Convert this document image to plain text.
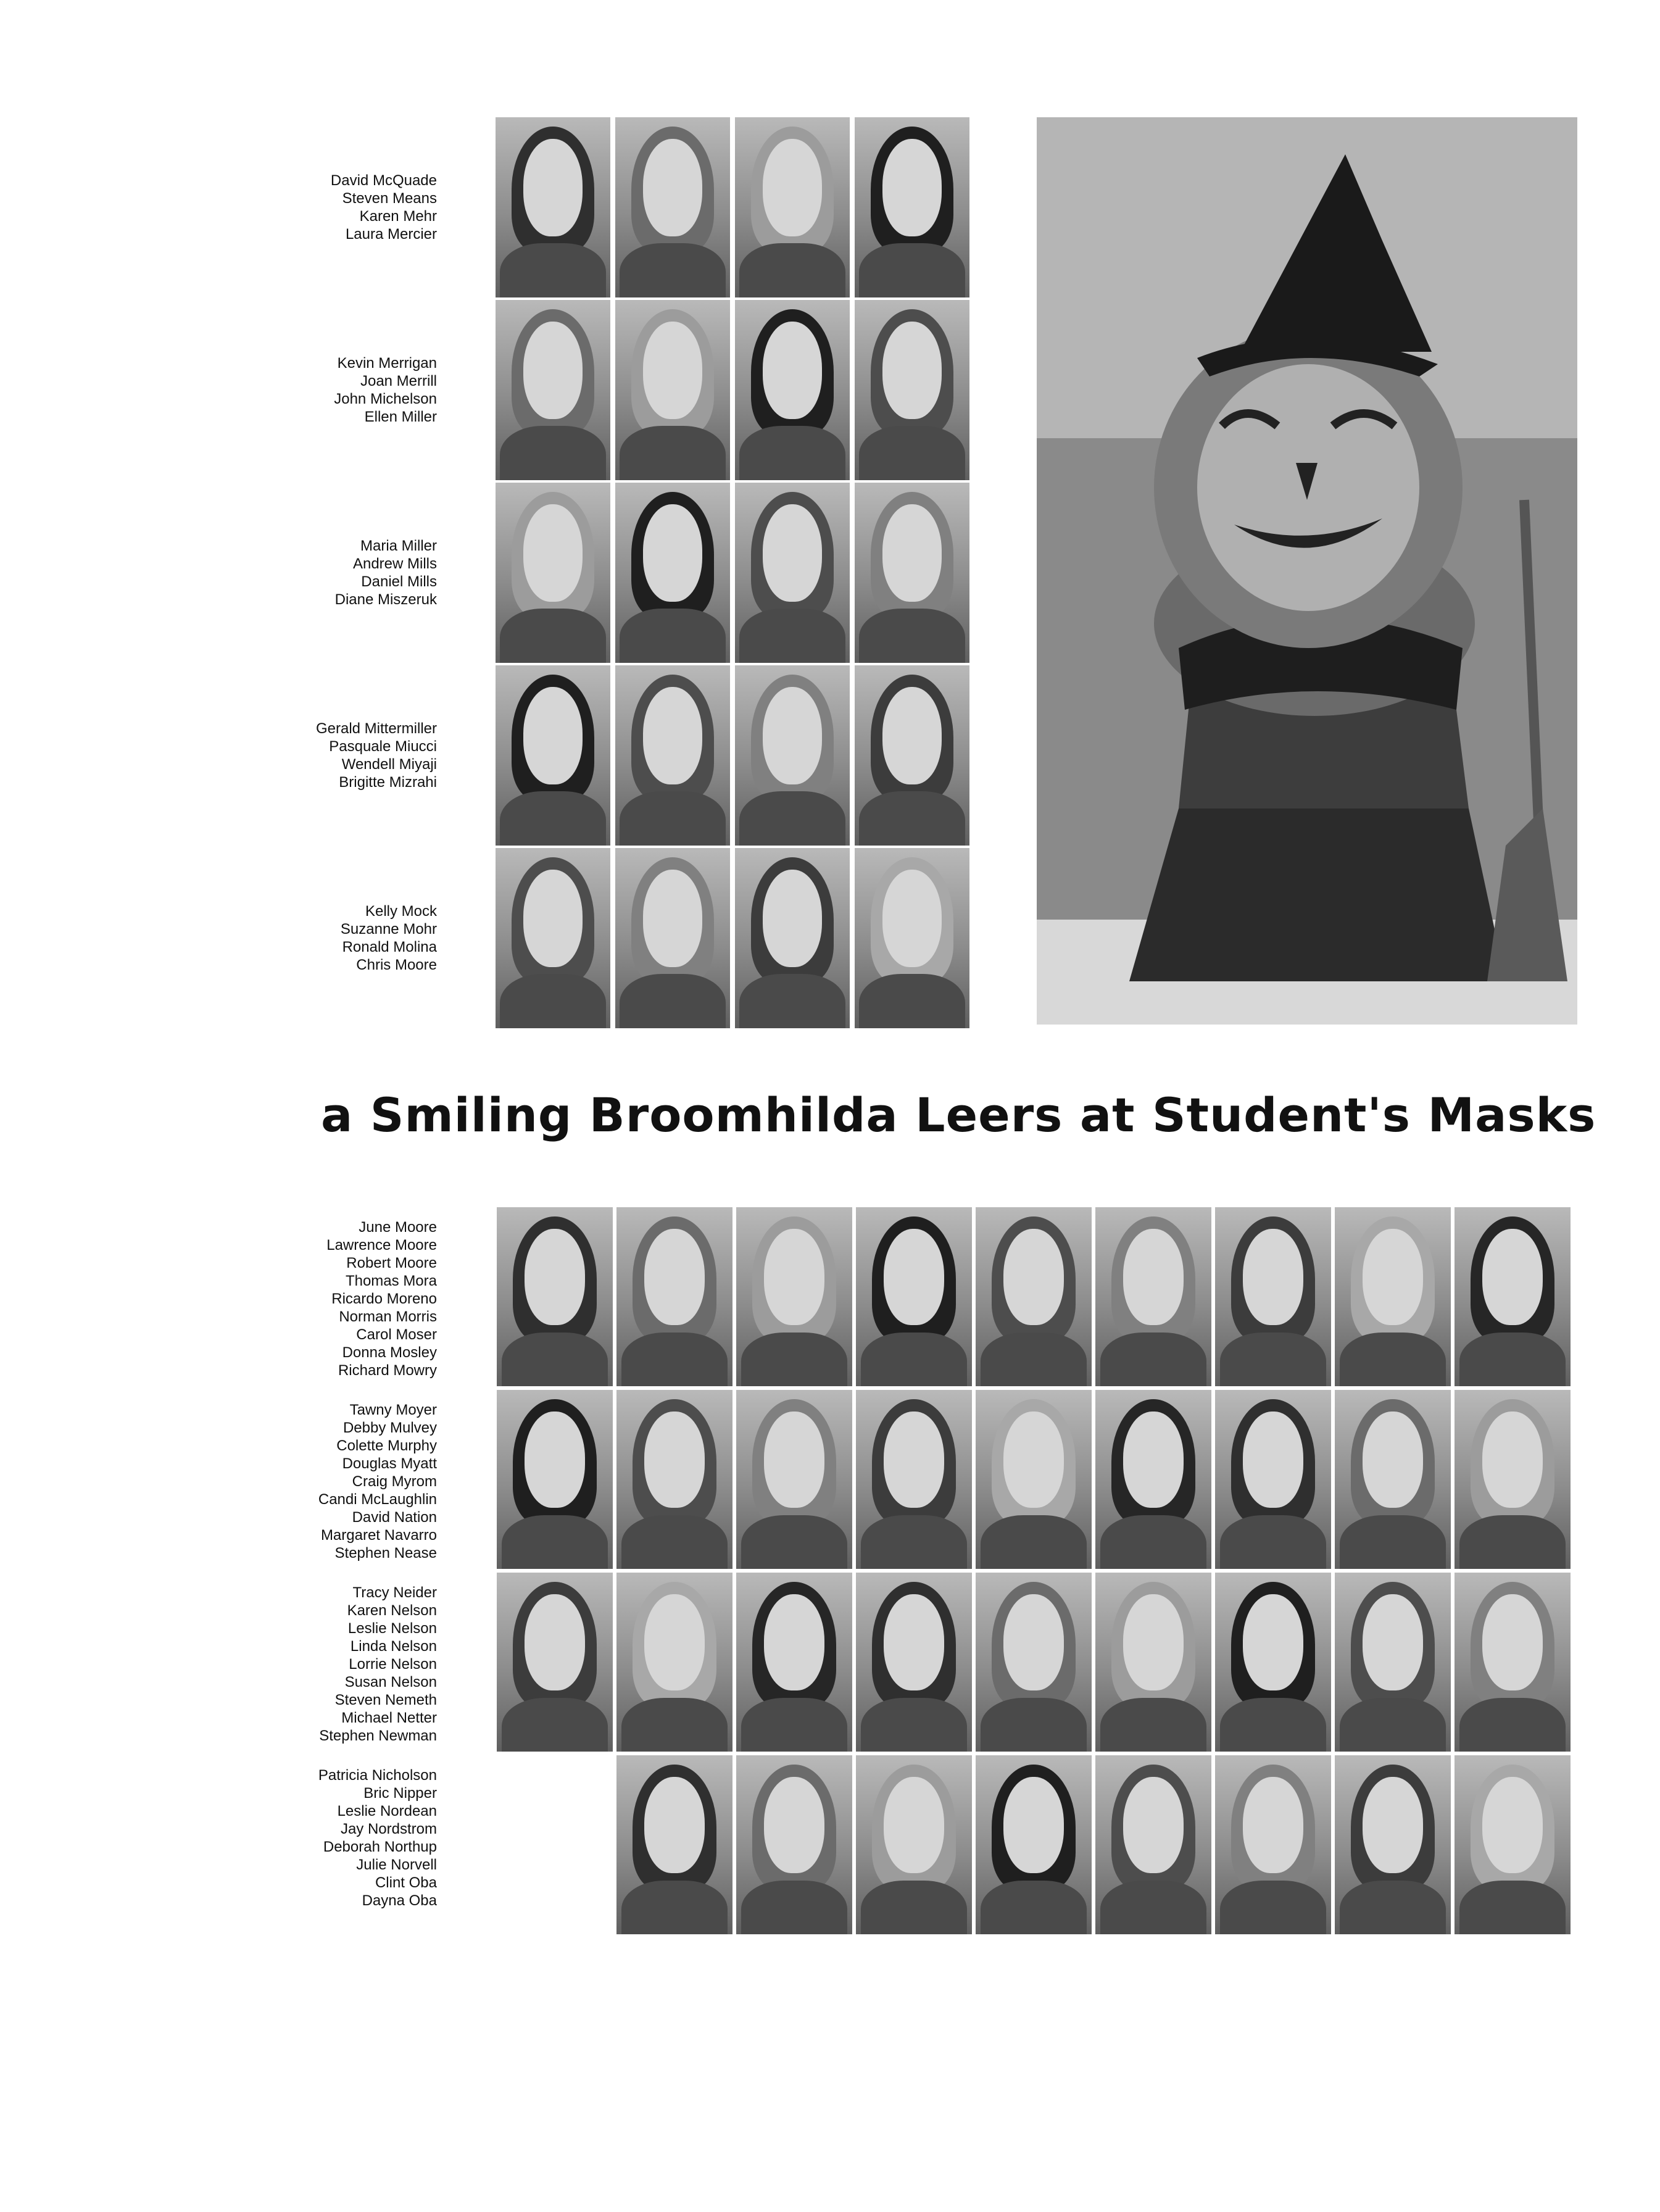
David McQuade
Steven Means
Karen Mehr
Laura Mercier
Kevin Merrigan
Joan Merrill
John Michelson
Ellen Miller
Maria Miller
Andrew Mills
Daniel Mills
Diane Miszeruk
Gerald Mittermiller
Pasquale Miucci
Wendell Miyaji
Brigitte Mizrahi
Kelly Mock
Suzanne Mohr
Ronald Molina
Chris Moore
June Moore
Lawrence Moore
Robert Moore
Thomas Mora
Ricardo Moreno
Norman Morris
Carol Moser
Donna Mosley
Richard Mowry
Tawny Moyer
Debby Mulvey
Colette Murphy
Douglas Myatt
Craig Myrom
Candi McLaughlin
David Nation
Margaret Navarro
Stephen Nease
Tracy Neider
Karen Nelson
Leslie Nelson
Linda Nelson
Lorrie Nelson
Susan Nelson
Steven Nemeth
Michael Netter
Stephen Newman
Patricia Nicholson
Bric Nipper
Leslie Nordean
Jay Nordstrom
Deborah Northup
Julie Norvell
Clint Oba
Dayna Oba
a Smiling Broomhilda Leers at Student's Masks
